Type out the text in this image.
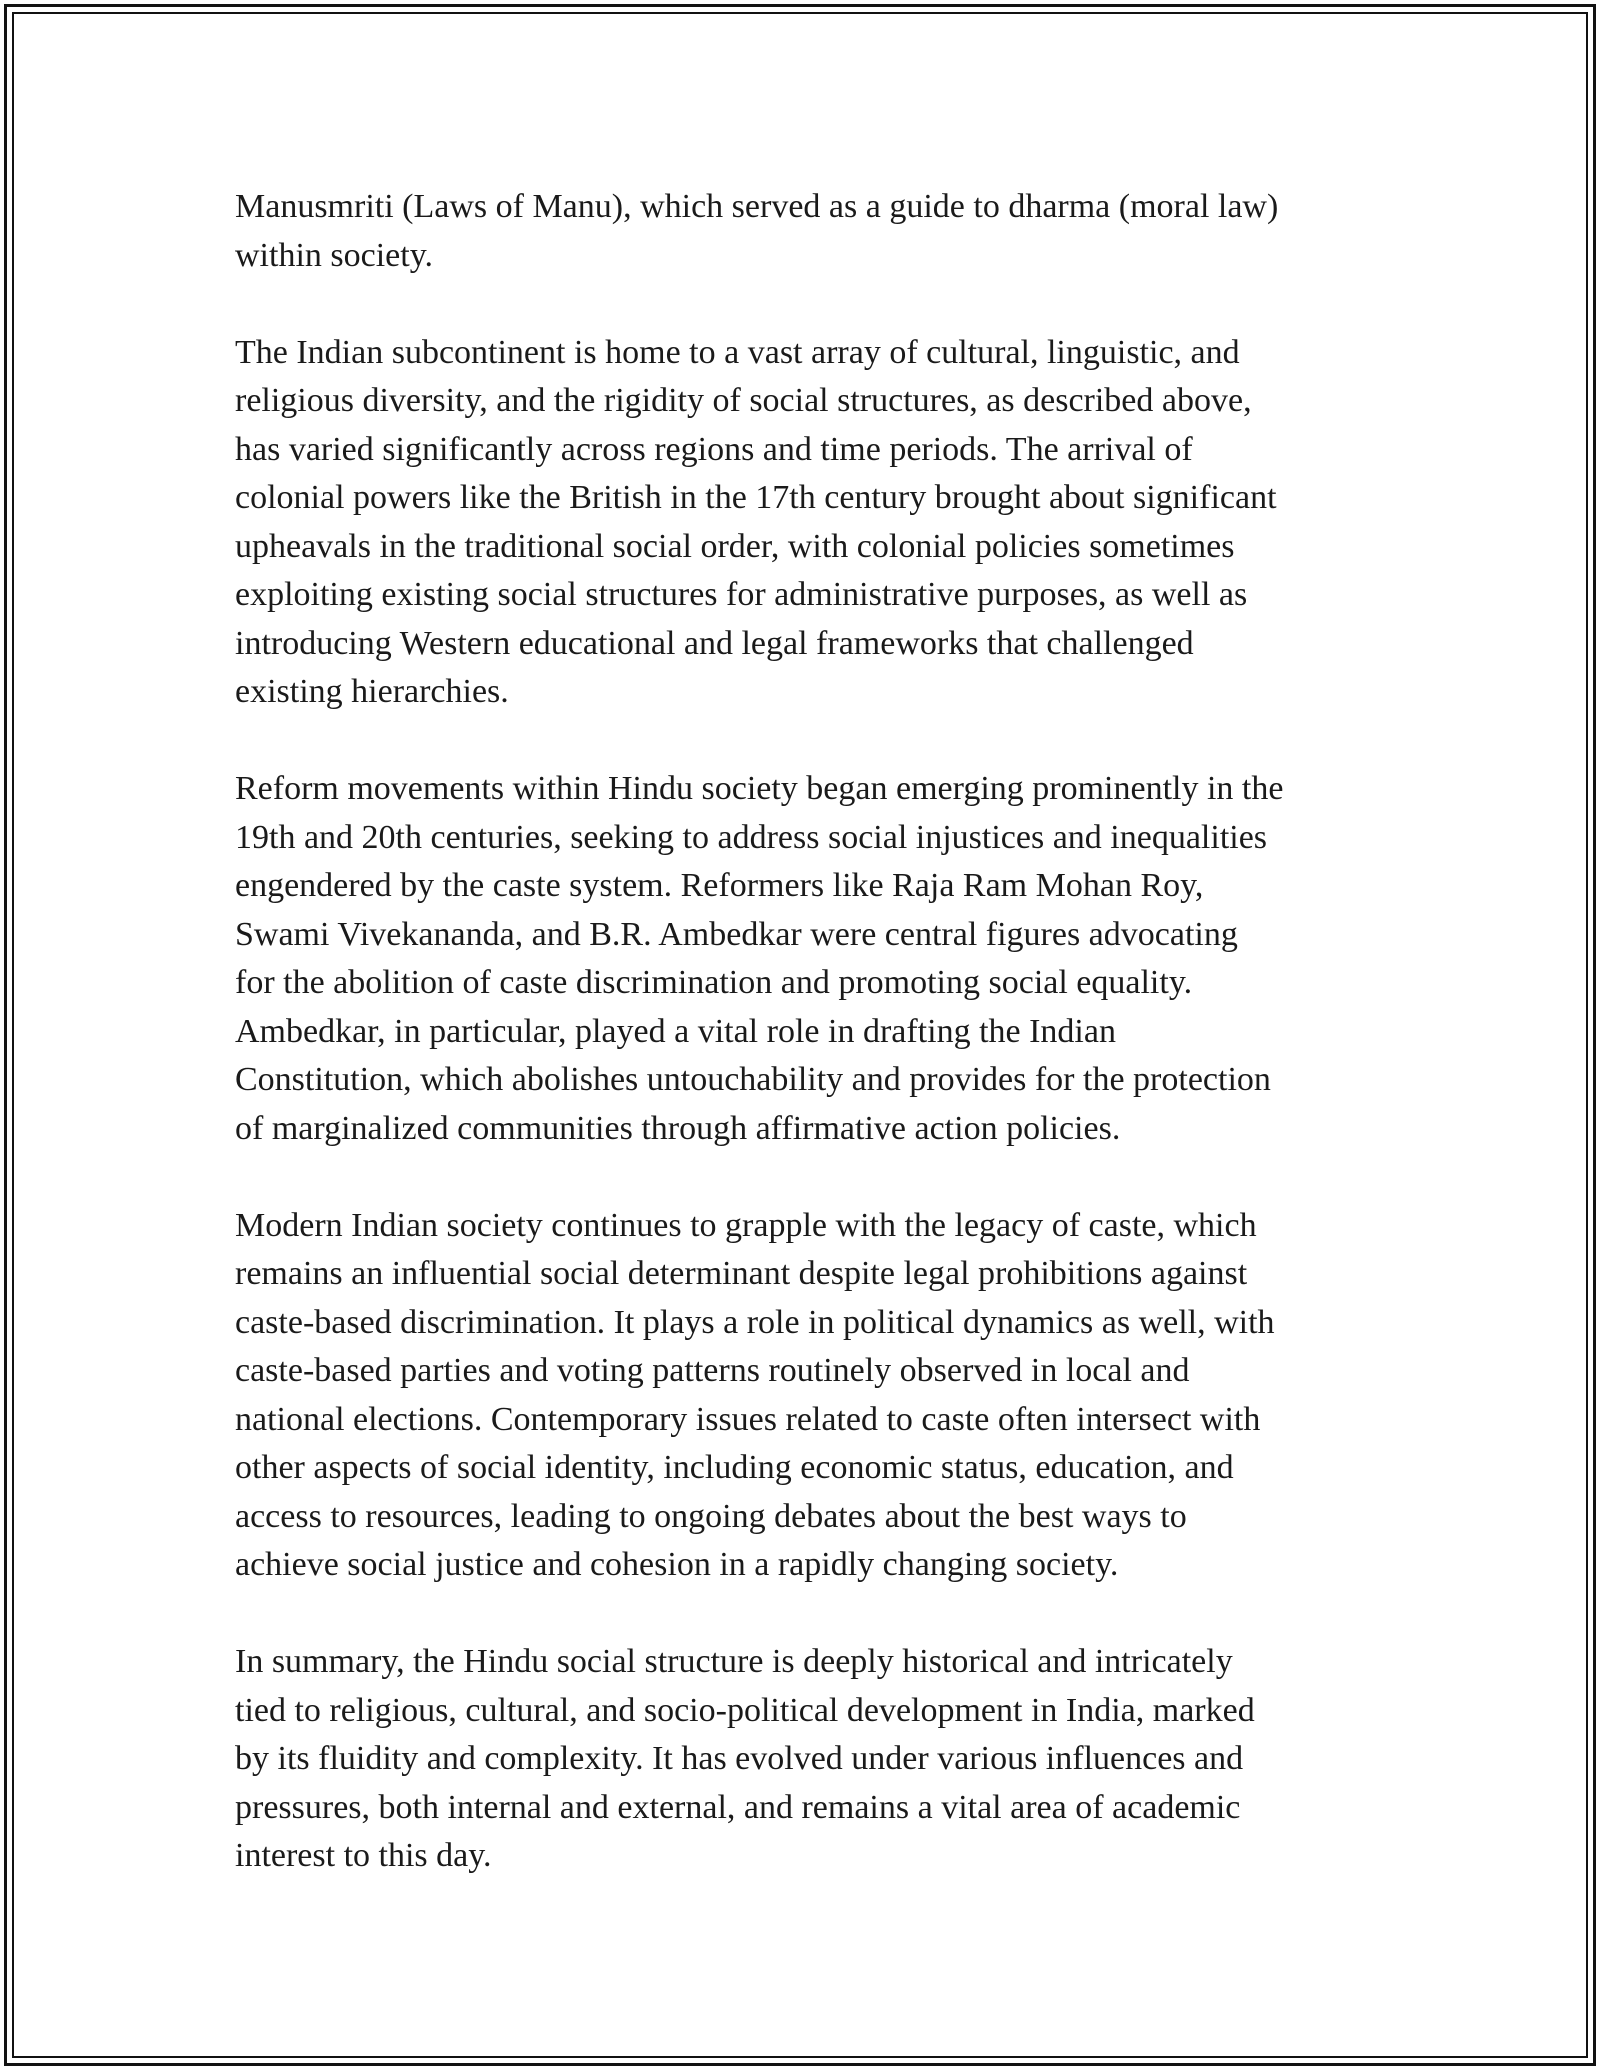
Manusmriti (Laws of Manu), which served as a guide to dharma (moral law)
within society.

The Indian subcontinent is home to a vast array of cultural, linguistic, and
religious diversity, and the rigidity of social structures, as described above,
has varied significantly across regions and time periods. The arrival of
colonial powers like the British in the 17th century brought about significant
upheavals in the traditional social order, with colonial policies sometimes
exploiting existing social structures for administrative purposes, as well as
introducing Western educational and legal frameworks that challenged
existing hierarchies.

Reform movements within Hindu society began emerging prominently in the
19th and 20th centuries, seeking to address social injustices and inequalities
engendered by the caste system. Reformers like Raja Ram Mohan Roy,
Swami Vivekananda, and B.R. Ambedkar were central figures advocating
for the abolition of caste discrimination and promoting social equality.
Ambedkar, in particular, played a vital role in drafting the Indian
Constitution, which abolishes untouchability and provides for the protection
of marginalized communities through affirmative action policies.

Modern Indian society continues to grapple with the legacy of caste, which
remains an influential social determinant despite legal prohibitions against
caste-based discrimination. It plays a role in political dynamics as well, with
caste-based parties and voting patterns routinely observed in local and
national elections. Contemporary issues related to caste often intersect with
other aspects of social identity, including economic status, education, and
access to resources, leading to ongoing debates about the best ways to
achieve social justice and cohesion in a rapidly changing society.

In summary, the Hindu social structure is deeply historical and intricately
tied to religious, cultural, and socio-political development in India, marked
by its fluidity and complexity. It has evolved under various influences and
pressures, both internal and external, and remains a vital area of academic
interest to this day.
